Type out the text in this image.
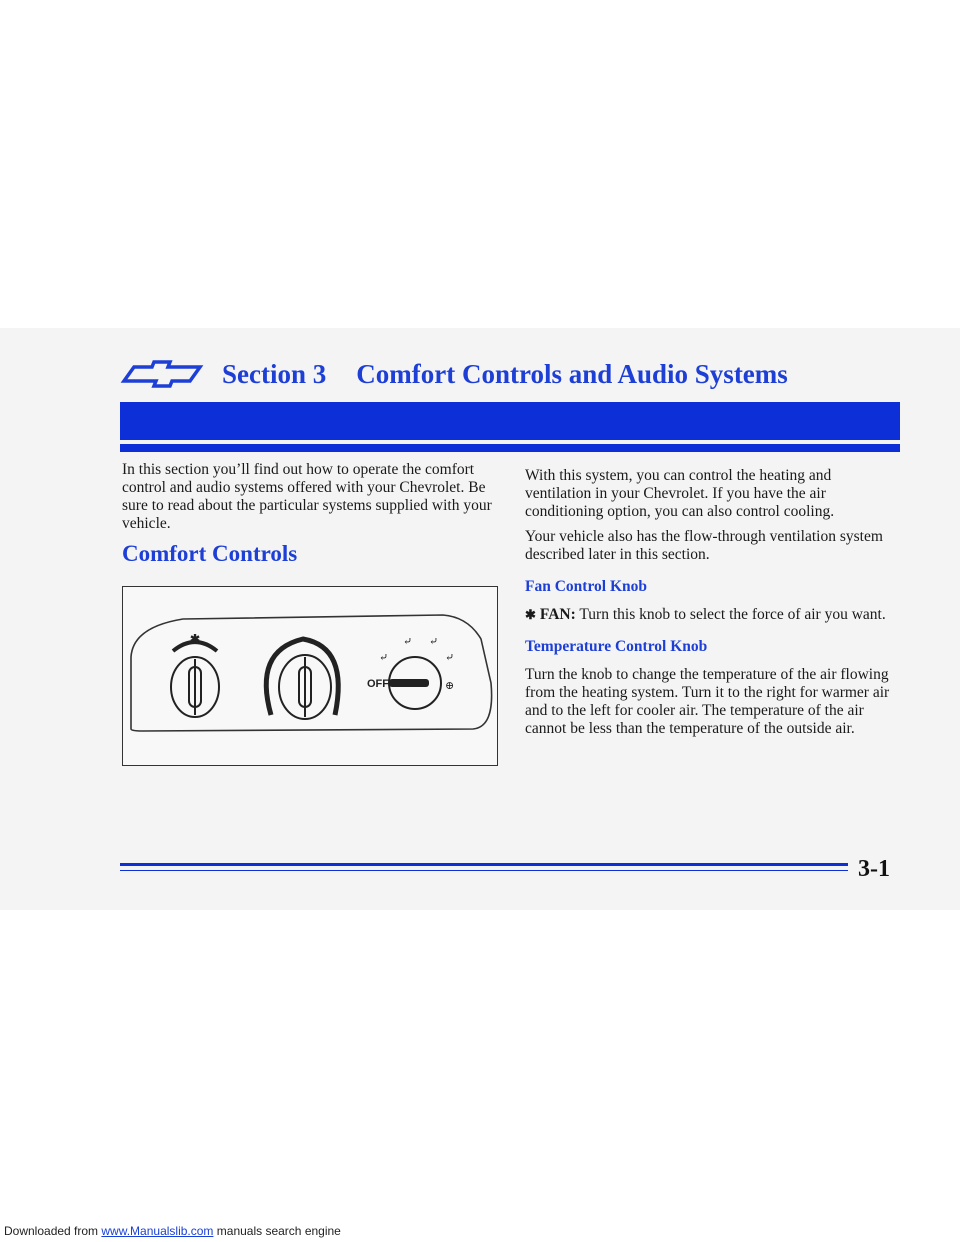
Section 3 Comfort Controls and Audio Systems

In this section you’ll find out how to operate the comfort control and audio systems offered with your Chevrolet. Be sure to read about the particular systems supplied with your vehicle.

Comfort Controls
✱
OFF
⤶
⤶ ⤶
⤶
⊕

With this system, you can control the heating and ventilation in your Chevrolet. If you have the air conditioning option, you can also control cooling.

Your vehicle also has the flow-through ventilation system described later in this section.

Fan Control Knob

✱ FAN: Turn this knob to select the force of air you want.

Temperature Control Knob

Turn the knob to change the temperature of the air flowing from the heating system. Turn it to the right for warmer air and to the left for cooler air. The temperature of the air cannot be less than the temperature of the outside air.

3-1
Downloaded from www.Manualslib.com manuals search engine
